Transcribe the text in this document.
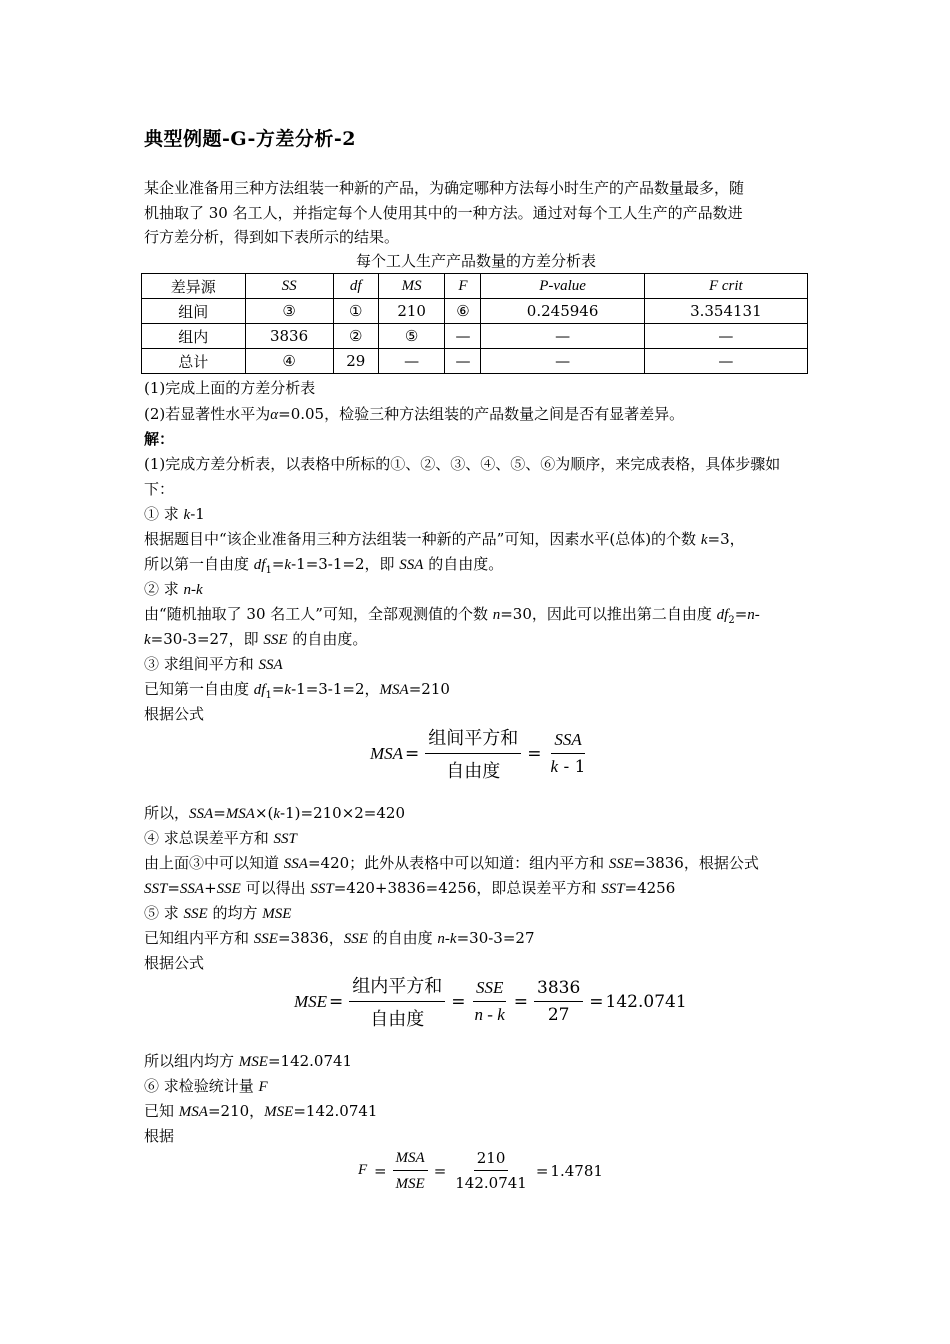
典型例题-G-方差分析-2
某企业准备用三种方法组装一种新的产品，为确定哪种方法每小时生产的产品数量最多，随
机抽取了 30 名工人，并指定每个人使用其中的一种方法。通过对每个工人生产的产品数进
行方差分析，得到如下表所示的结果。
每个工人生产产品数量的方差分析表
差异源	SS	df	MS	F	P-value	F crit
组间	③	①	210	⑥	0.245946	3.354131
组内	3836	②	⑤	—	—	—
总计	④	29	—	—	—	—
(1)完成上面的方差分析表
(2)若显著性水平为α=0.05，检验三种方法组装的产品数量之间是否有显著差异。
解：
(1)完成方差分析表，以表格中所标的①、②、③、④、⑤、⑥为顺序，来完成表格，具体步骤如
下：
① 求 k-1
根据题目中“该企业准备用三种方法组装一种新的产品”可知，因素水平(总体)的个数 k=3，
所以第一自由度 $df_1=k-1=3-1=2$，即 SSA 的自由度。
② 求 n-k
由“随机抽取了 30 名工人”可知，全部观测值的个数 n=30，因此可以推出第二自由度 $df_2=n-$
k=30-3=27，即 SSE 的自由度。
③ 求组间平方和 SSA
已知第一自由度 $df_1=k-1=3-1=2$，MSA=210
根据公式
MSA = $\frac{\text{组间平方和}}{\text{自由度}} = \frac{\text{SSA}}{k - 1}$
所以，SSA=MSA×(k-1)=210×2=420
④ 求总误差平方和 SST
由上面③中可以知道 SSA=420；此外从表格中可以知道：组内平方和 SSE=3836，根据公式
SST=SSA+SSE 可以得出 SST=420+3836=4256，即总误差平方和 SST=4256
⑤ 求 SSE 的均方 MSE
已知组内平方和 SSE=3836，SSE 的自由度 n-k=30-3=27
根据公式
MSE = $\frac{\text{组内平方和}}{\text{自由度}} = \frac{\text{SSE}}{n - k} = \frac{3836}{27} = 142.0741$
所以组内均方 MSE=142.0741
⑥ 求检验统计量 F
已知 MSA=210，MSE=142.0741
根据
$F = \frac{\text{MSA}}{\text{MSE}} = \frac{210}{142.0741} = 1.4781$
